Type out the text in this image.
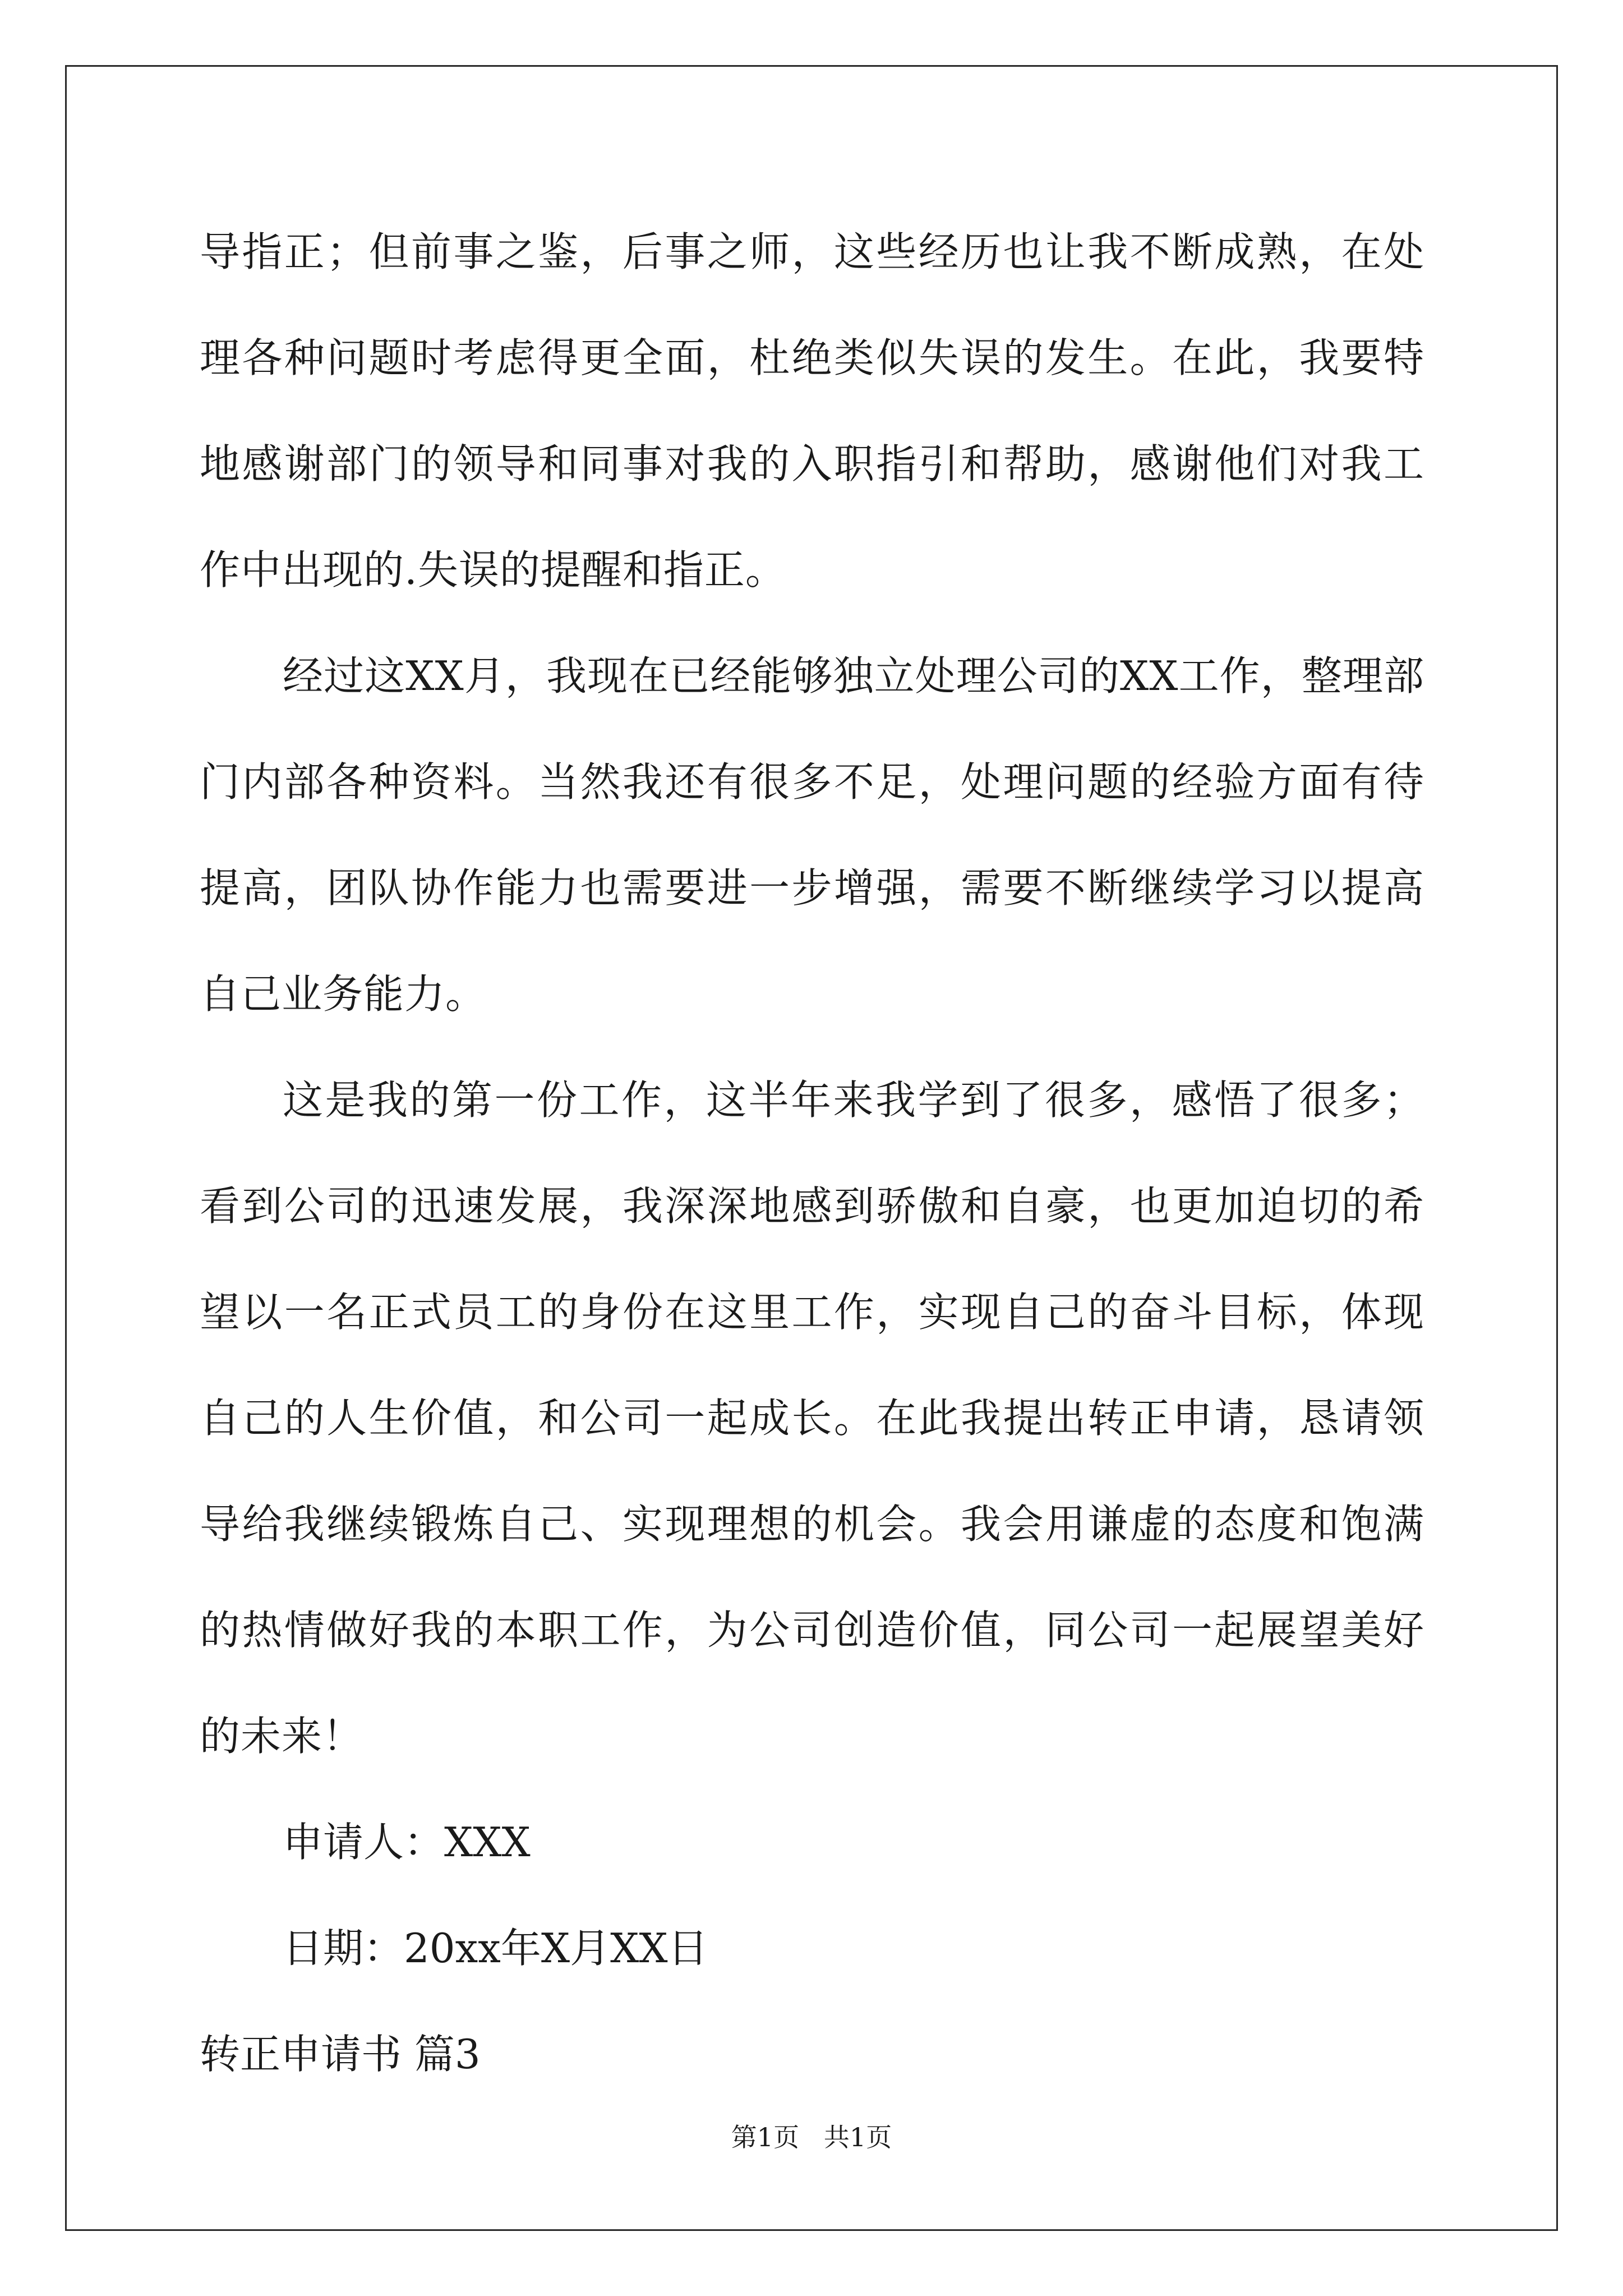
导指正；但前事之鉴，后事之师，这些经历也让我不断成熟，在处理各种问题时考虑得更全面，杜绝类似失误的发生。在此，我要特地感谢部门的领导和同事对我的入职指引和帮助，感谢他们对我工作中出现的.失误的提醒和指正。

经过这XX月，我现在已经能够独立处理公司的XX工作，整理部门内部各种资料。当然我还有很多不足，处理问题的经验方面有待提高，团队协作能力也需要进一步增强，需要不断继续学习以提高自己业务能力。

这是我的第一份工作，这半年来我学到了很多，感悟了很多；看到公司的迅速发展，我深深地感到骄傲和自豪，也更加迫切的希望以一名正式员工的身份在这里工作，实现自己的奋斗目标，体现自己的人生价值，和公司一起成长。在此我提出转正申请，恳请领导给我继续锻炼自己、实现理想的机会。我会用谦虚的态度和饱满的热情做好我的本职工作，为公司创造价值，同公司一起展望美好的未来！

申请人：XXX

日期：20xx年X月XX日

转正申请书 篇3

第1页   共1页
